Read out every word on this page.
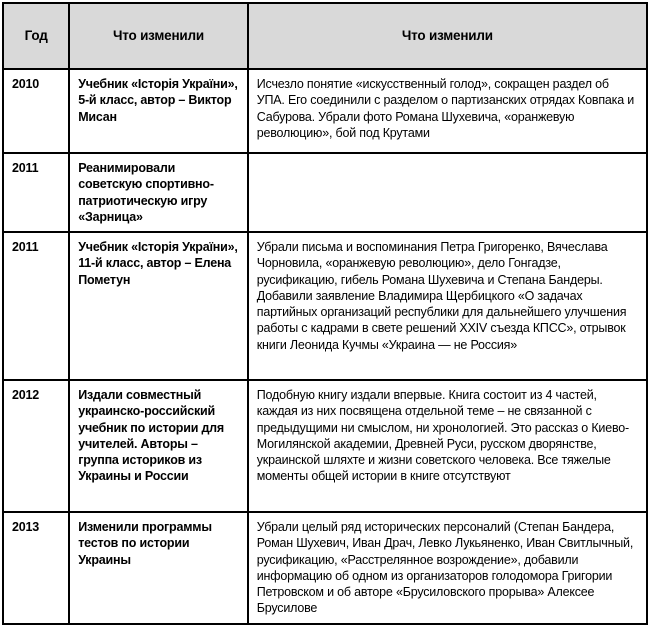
Год	Что изменили	Что изменили
2010	Учебник «Історія України», 5-й класс, автор – Виктор Мисан	Исчезло понятие «искусственный голод», сокращен раздел об УПА. Его соединили с разделом о партизанских отрядах Ковпака и Сабурова. Убрали фото Романа Шухевича, «оранжевую революцию», бой под Крутами
2011	Реанимировали советскую спортивно-патриотическую игру «Зарница»	
2011	Учебник «Історія України», 11-й класс, автор – Елена Пометун	Убрали письма и воспоминания Петра Григоренко, Вячеслава Чорновила, «оранжевую революцию», дело Гонгадзе, русификацию, гибель Романа Шухевича и Степана Бандеры. Добавили заявление Владимира Щербицкого «О задачах партийных организаций республики для дальнейшего улучшения работы с кадрами в свете решений XXIV съезда КПСС», отрывок книги Леонида Кучмы «Украина — не Россия»
2012	Издали совместный украинско-российский учебник по истории для учителей. Авторы – группа историков из Украины и России	Подобную книгу издали впервые. Книга состоит из 4 частей, каждая из них посвящена отдельной теме – не связанной с предыдущими ни смыслом, ни хронологией. Это рассказ о Киево-Могилянской академии, Древней Руси, русском дворянстве, украинской шляхте и жизни советского человека. Все тяжелые моменты общей истории в книге отсутствуют
2013	Изменили программы тестов по истории Украины	Убрали целый ряд исторических персоналий (Степан Бандера, Роман Шухевич, Иван Драч, Левко Лукьяненко, Иван Свитлычный, русификацию, «Расстрелянное возрождение», добавили информацию об одном из организаторов голодомора Григории Петровском и об авторе «Брусиловского прорыва» Алексее Брусилове
